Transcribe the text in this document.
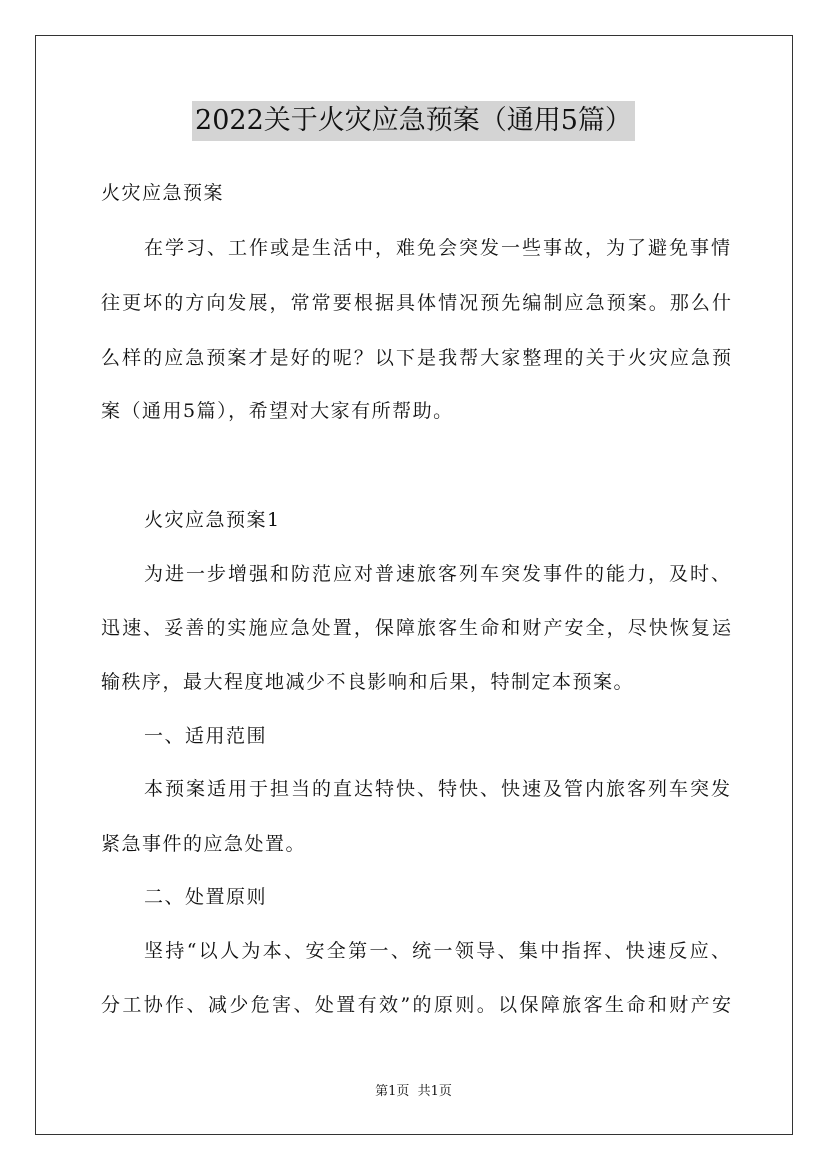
2022关于火灾应急预案（通用5篇）
火灾应急预案
在学习、工作或是生活中，难免会突发一些事故，为了避免事情
往更坏的方向发展，常常要根据具体情况预先编制应急预案。那么什
么样的应急预案才是好的呢？以下是我帮大家整理的关于火灾应急预
案（通用5篇），希望对大家有所帮助。
火灾应急预案1
为进一步增强和防范应对普速旅客列车突发事件的能力，及时、
迅速、妥善的实施应急处置，保障旅客生命和财产安全，尽快恢复运
输秩序，最大程度地减少不良影响和后果，特制定本预案。
一、适用范围
本预案适用于担当的直达特快、特快、快速及管内旅客列车突发
紧急事件的应急处置。
二、处置原则
坚持“以人为本、安全第一、统一领导、集中指挥、快速反应、
分工协作、减少危害、处置有效”的原则。以保障旅客生命和财产安
第1页  共1页
